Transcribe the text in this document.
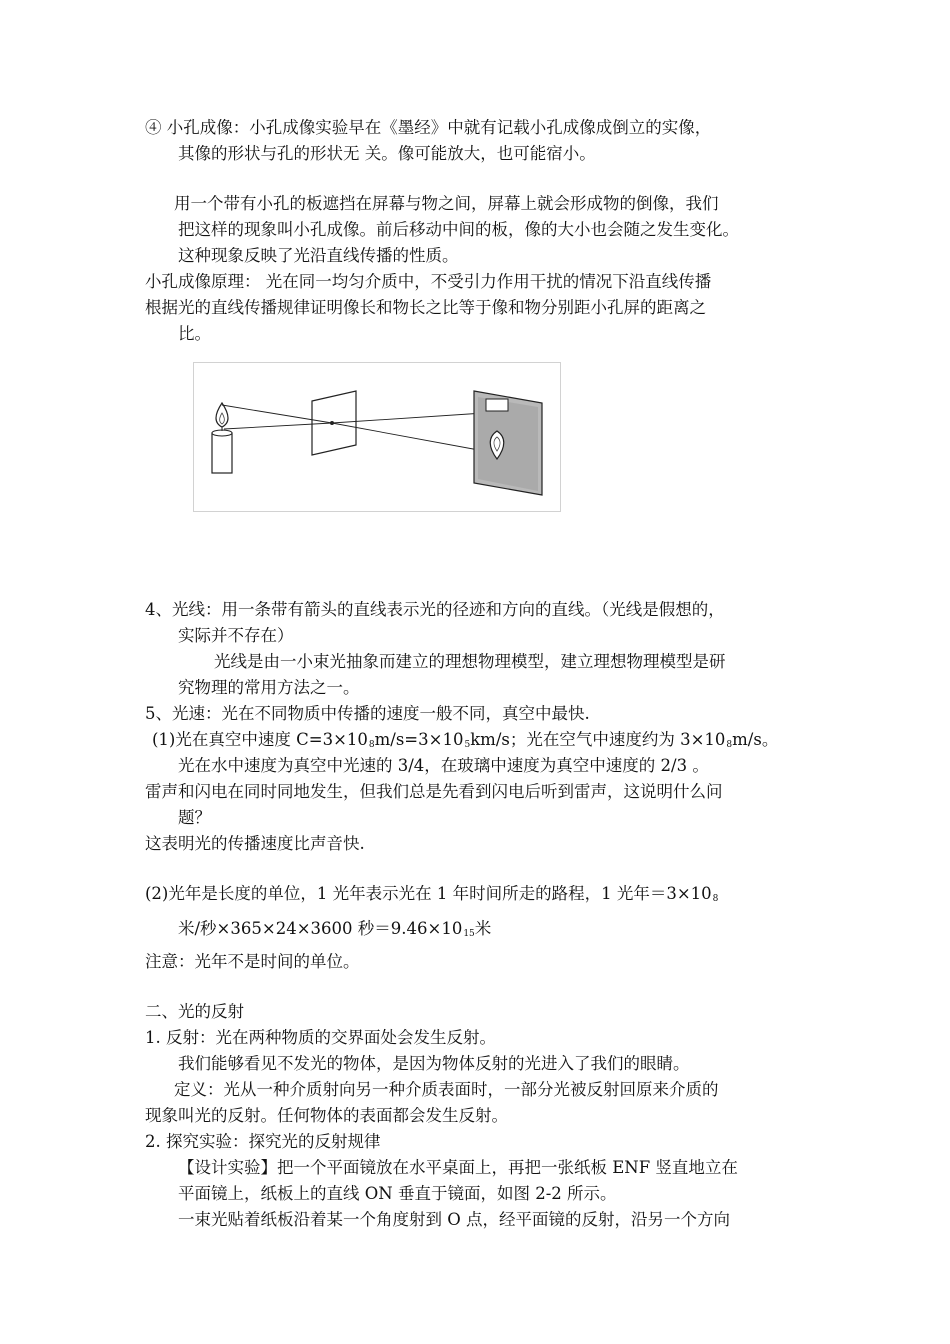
④ 小孔成像：小孔成像实验早在《墨经》中就有记载小孔成像成倒立的实像，
其像的形状与孔的形状无 关。像可能放大，也可能宿小。
用一个带有小孔的板遮挡在屏幕与物之间，屏幕上就会形成物的倒像，我们
把这样的现象叫小孔成像。前后移动中间的板，像的大小也会随之发生变化。
这种现象反映了光沿直线传播的性质。
小孔成像原理： 光在同一均匀介质中，不受引力作用干扰的情况下沿直线传播
根据光的直线传播规律证明像长和物长之比等于像和物分别距小孔屏的距离之
比。
4、光线：用一条带有箭头的直线表示光的径迹和方向的直线。（光线是假想的，
实际并不存在）
光线是由一小束光抽象而建立的理想物理模型，建立理想物理模型是研
究物理的常用方法之一。
5、光速：光在不同物质中传播的速度一般不同，真空中最快.
(1)光在真空中速度 $C=3\times 10_8m/s=3\times 10_5km/s$；光在空气中速度约为 $3\times 10_8m/s$。
光在水中速度为真空中光速的 3/4，在玻璃中速度为真空中速度的 2/3 。
雷声和闪电在同时同地发生，但我们总是先看到闪电后听到雷声，这说明什么问
题？
这表明光的传播速度比声音快.
(2)光年是长度的单位，1 光年表示光在 1 年时间所走的路程，1 光年$=3\times 10_8$
米/秒×365×24×3600 秒$=9.46\times 10_{15}$米
注意：光年不是时间的单位。
二、光的反射
1. 反射：光在两种物质的交界面处会发生反射。
我们能够看见不发光的物体，是因为物体反射的光进入了我们的眼睛。
定义：光从一种介质射向另一种介质表面时，一部分光被反射回原来介质的
现象叫光的反射。任何物体的表面都会发生反射。
2. 探究实验：探究光的反射规律
【设计实验】把一个平面镜放在水平桌面上，再把一张纸板 ENF 竖直地立在
平面镜上，纸板上的直线 ON 垂直于镜面，如图 2-2 所示。
一束光贴着纸板沿着某一个角度射到 O 点，经平面镜的反射，沿另一个方向
